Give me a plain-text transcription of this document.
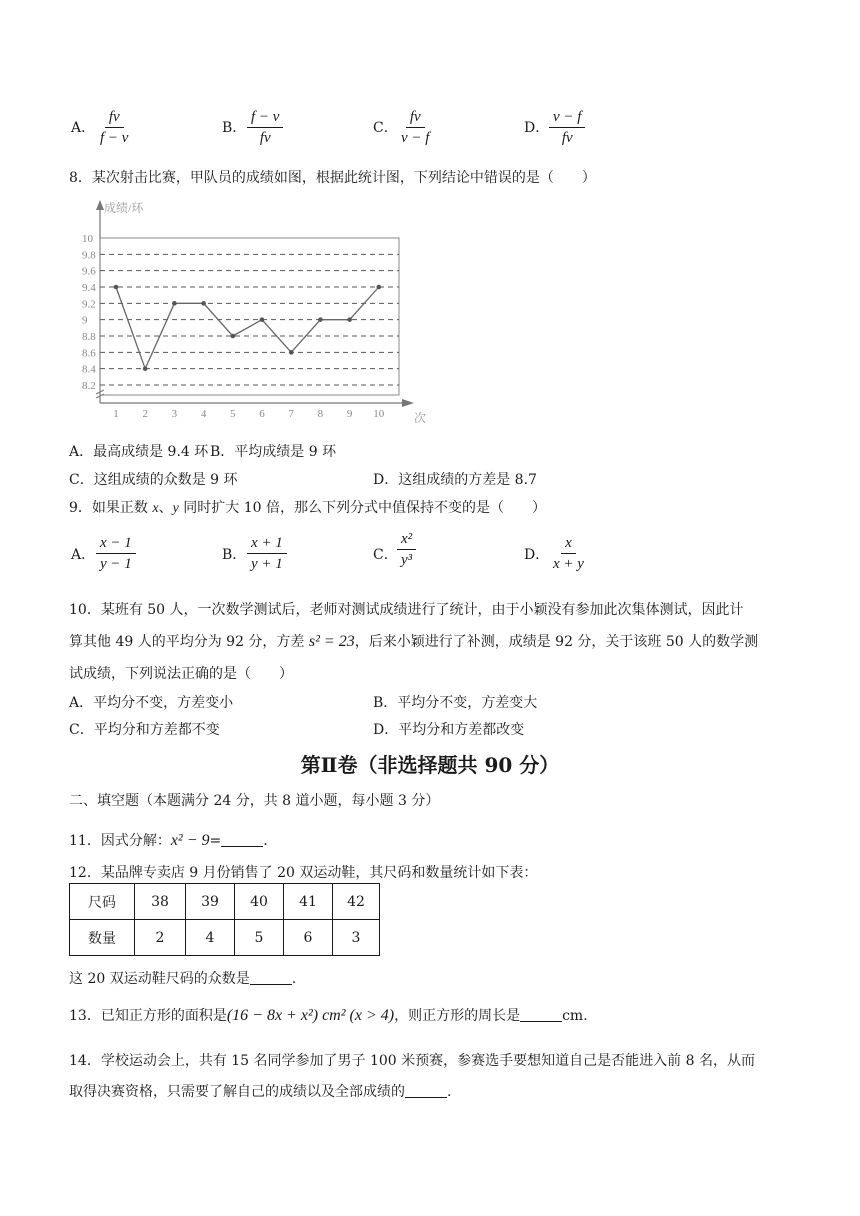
A． $\frac{fv}{f - v}$	B． $\frac{f - v}{fv}$	C． $\frac{fv}{v - f}$	D． $\frac{v - f}{fv}$
8．某次射击比赛，甲队员的成绩如图，根据此统计图，下列结论中错误的是（　　）
成绩/环
次
8.2
8.4
8.6
8.8
9
9.2
9.4
9.6
9.8
10
1 2 3 4 5 6 7 8 9 10
A．最高成绩是 9.4 环 B．平均成绩是 9 环
C．这组成绩的众数是 9 环	D．这组成绩的方差是 8.7
9．如果正数 x、y 同时扩大 10 倍，那么下列分式中值保持不变的是（　　）
A． $\frac{x - 1}{y - 1}$	B． $\frac{x + 1}{y + 1}$	C． $\frac{\text{x²}}{\text{y³}}$	D． $\frac{x}{x + y}$
10．某班有 50 人，一次数学测试后，老师对测试成绩进行了统计，由于小颖没有参加此次集体测试，因此计
算其他 49 人的平均分为 92 分，方差 s² = 23，后来小颖进行了补测，成绩是 92 分，关于该班 50 人的数学测
试成绩，下列说法正确的是（　　）
A．平均分不变，方差变小	B．平均分不变，方差变大
C．平均分和方差都不变	D．平均分和方差都改变
第Ⅱ卷（非选择题共 90 分）
二、填空题（本题满分 24 分，共 8 道小题，每小题 3 分）
11．因式分解：x² − 9=	.
12．某品牌专卖店 9 月份销售了 20 双运动鞋，其尺码和数量统计如下表：
尺码	38	39	40	41	42
数量	2	4	5	6	3
这 20 双运动鞋尺码的众数是	.
13．已知正方形的面积是(16 − 8x + x²) cm² (x > 4)，则正方形的周长是	cm.
14．学校运动会上，共有 15 名同学参加了男子 100 米预赛，参赛选手要想知道自己是否能进入前 8 名，从而
取得决赛资格，只需要了解自己的成绩以及全部成绩的	.
